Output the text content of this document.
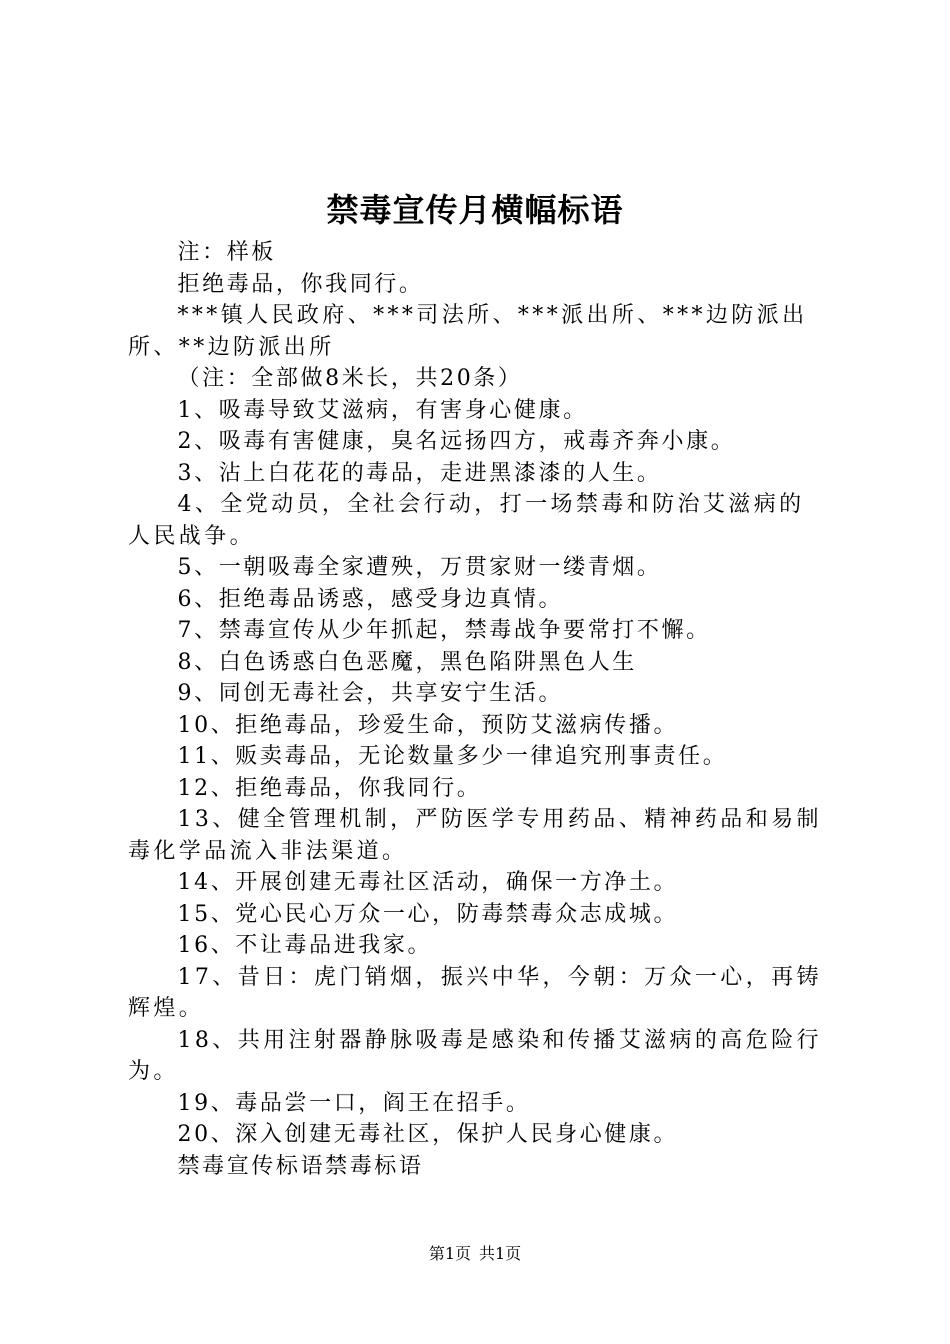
禁毒宣传月横幅标语

注：样板

拒绝毒品，你我同行。

***镇人民政府、***司法所、***派出所、***边防派出所、**边防派出所

（注：全部做8米长，共20条）

1、吸毒导致艾滋病，有害身心健康。

2、吸毒有害健康，臭名远扬四方，戒毒齐奔小康。

3、沾上白花花的毒品，走进黑漆漆的人生。

4、全党动员，全社会行动，打一场禁毒和防治艾滋病的人民战争。

5、一朝吸毒全家遭殃，万贯家财一缕青烟。

6、拒绝毒品诱惑，感受身边真情。

7、禁毒宣传从少年抓起，禁毒战争要常打不懈。

8、白色诱惑白色恶魔，黑色陷阱黑色人生

9、同创无毒社会，共享安宁生活。

10、拒绝毒品，珍爱生命，预防艾滋病传播。

11、贩卖毒品，无论数量多少一律追究刑事责任。

12、拒绝毒品，你我同行。

13、健全管理机制，严防医学专用药品、精神药品和易制毒化学品流入非法渠道。

14、开展创建无毒社区活动，确保一方净土。

15、党心民心万众一心，防毒禁毒众志成城。

16、不让毒品进我家。

17、昔日：虎门销烟，振兴中华，今朝：万众一心，再铸辉煌。

18、共用注射器静脉吸毒是感染和传播艾滋病的高危险行为。

19、毒品尝一口，阎王在招手。

20、深入创建无毒社区，保护人民身心健康。

禁毒宣传标语禁毒标语

第1页 共1页
